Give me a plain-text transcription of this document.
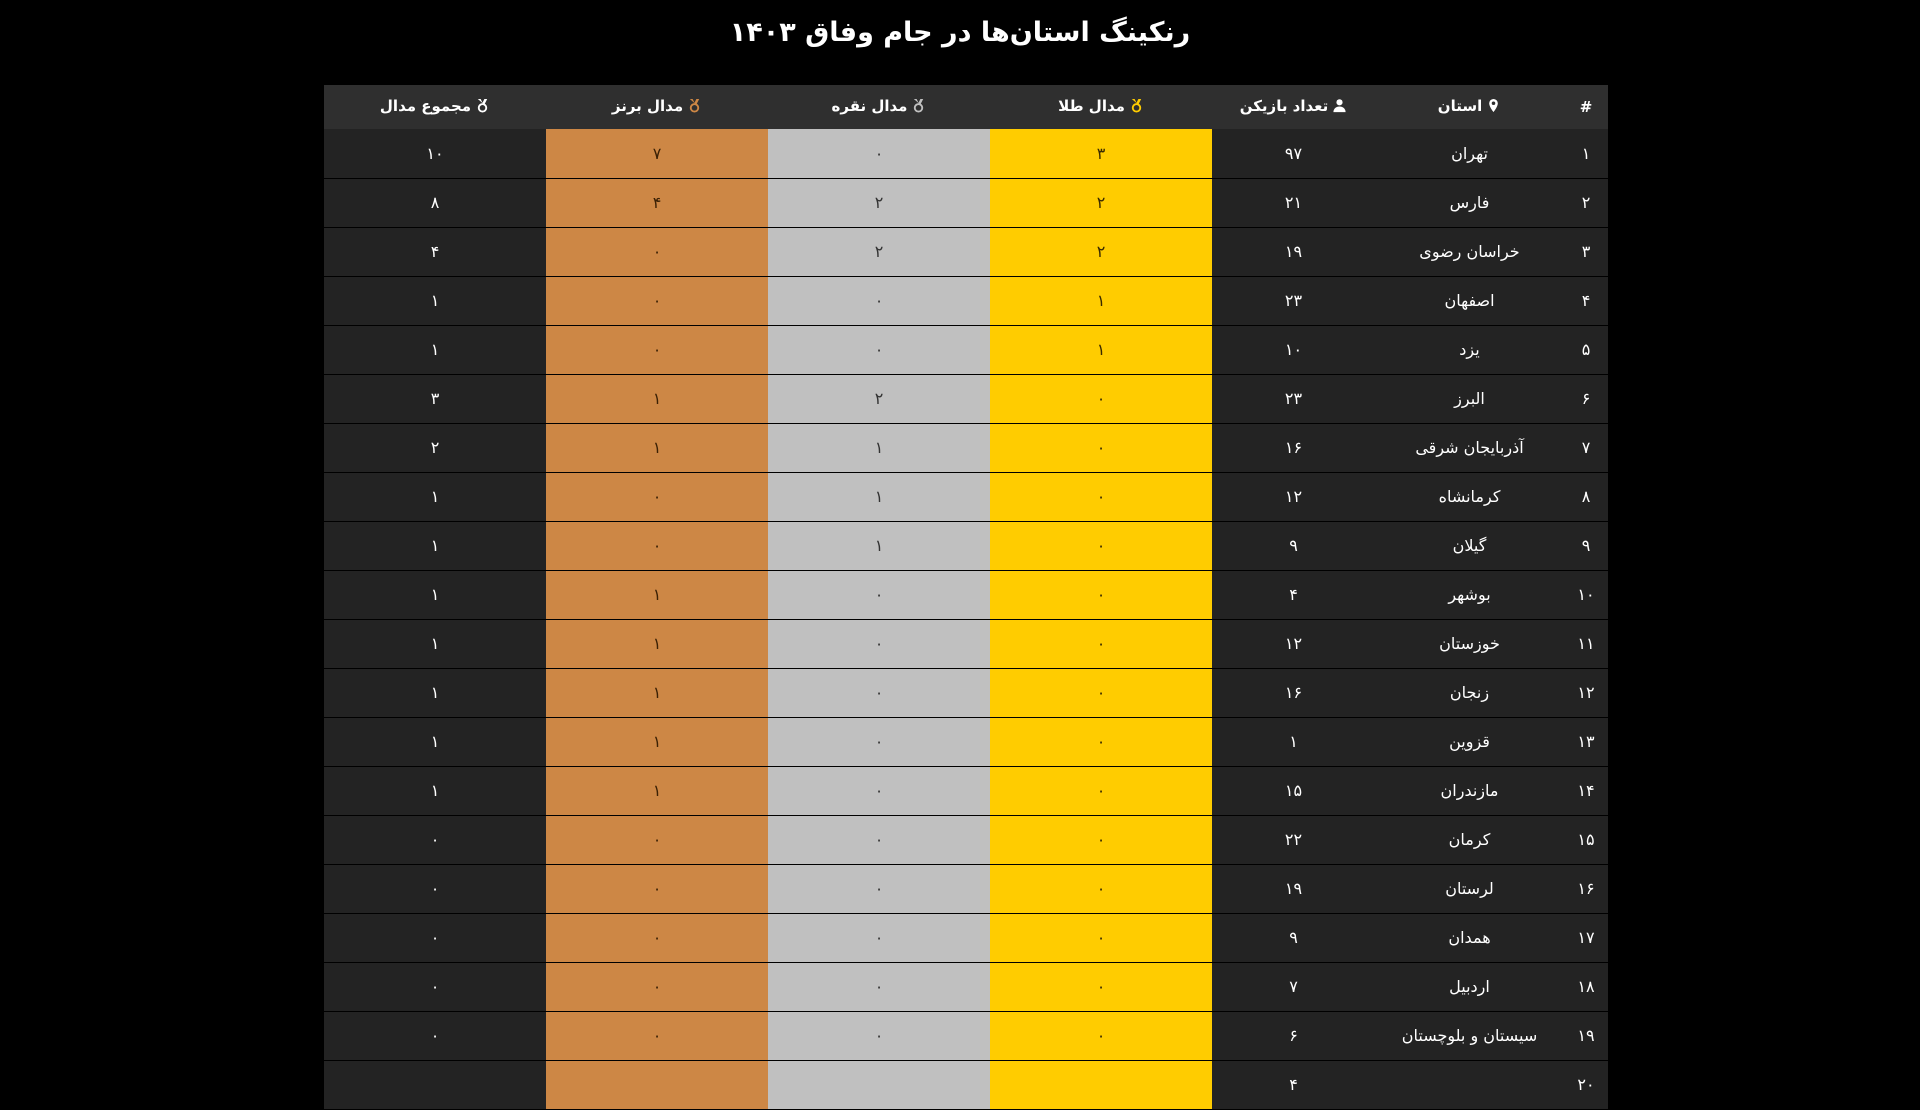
رنکینگ استان‌ها در جام وفاق ۱۴۰۳
#	استان	تعداد بازیکن	مدال طلا	مدال نقره	مدال برنز	مجموع مدال

۱	تهران	۹۷	۳	۰	۷	۱۰
۲	فارس	۲۱	۲	۲	۴	۸
۳	خراسان رضوی	۱۹	۲	۲	۰	۴
۴	اصفهان	۲۳	۱	۰	۰	۱
۵	یزد	۱۰	۱	۰	۰	۱
۶	البرز	۲۳	۰	۲	۱	۳
۷	آذربایجان شرقی	۱۶	۰	۱	۱	۲
۸	کرمانشاه	۱۲	۰	۱	۰	۱
۹	گیلان	۹	۰	۱	۰	۱
۱۰	بوشهر	۴	۰	۰	۱	۱
۱۱	خوزستان	۱۲	۰	۰	۱	۱
۱۲	زنجان	۱۶	۰	۰	۱	۱
۱۳	قزوین	۱	۰	۰	۱	۱
۱۴	مازندران	۱۵	۰	۰	۱	۱
۱۵	کرمان	۲۲	۰	۰	۰	۰
۱۶	لرستان	۱۹	۰	۰	۰	۰
۱۷	همدان	۹	۰	۰	۰	۰
۱۸	اردبیل	۷	۰	۰	۰	۰
۱۹	سیستان و بلوچستان	۶	۰	۰	۰	۰
۲۰		۴				
